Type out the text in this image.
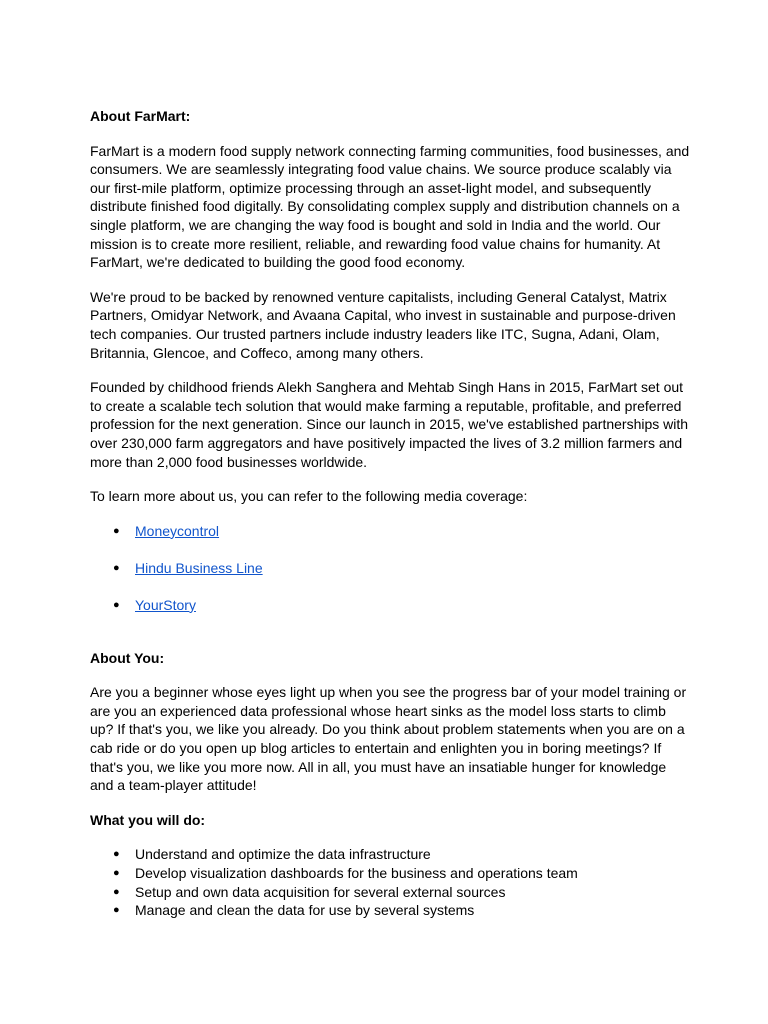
About FarMart:

FarMart is a modern food supply network connecting farming communities, food businesses, and consumers. We are seamlessly integrating food value chains. We source produce scalably via our first-mile platform, optimize processing through an asset-light model, and subsequently distribute finished food digitally. By consolidating complex supply and distribution channels on a single platform, we are changing the way food is bought and sold in India and the world. Our mission is to create more resilient, reliable, and rewarding food value chains for humanity. At FarMart, we're dedicated to building the good food economy.

We're proud to be backed by renowned venture capitalists, including General Catalyst, Matrix Partners, Omidyar Network, and Avaana Capital, who invest in sustainable and purpose-driven tech companies. Our trusted partners include industry leaders like ITC, Sugna, Adani, Olam, Britannia, Glencoe, and Coffeco, among many others.

Founded by childhood friends Alekh Sanghera and Mehtab Singh Hans in 2015, FarMart set out to create a scalable tech solution that would make farming a reputable, profitable, and preferred profession for the next generation. Since our launch in 2015, we've established partnerships with over 230,000 farm aggregators and have positively impacted the lives of 3.2 million farmers and more than 2,000 food businesses worldwide.

To learn more about us, you can refer to the following media coverage:

● Moneycontrol
● Hindu Business Line
● YourStory
About You:

Are you a beginner whose eyes light up when you see the progress bar of your model training or are you an experienced data professional whose heart sinks as the model loss starts to climb up? If that's you, we like you already. Do you think about problem statements when you are on a cab ride or do you open up blog articles to entertain and enlighten you in boring meetings? If that's you, we like you more now. All in all, you must have an insatiable hunger for knowledge and a team-player attitude!

What you will do:
● Understand and optimize the data infrastructure
● Develop visualization dashboards for the business and operations team
● Setup and own data acquisition for several external sources
● Manage and clean the data for use by several systems
